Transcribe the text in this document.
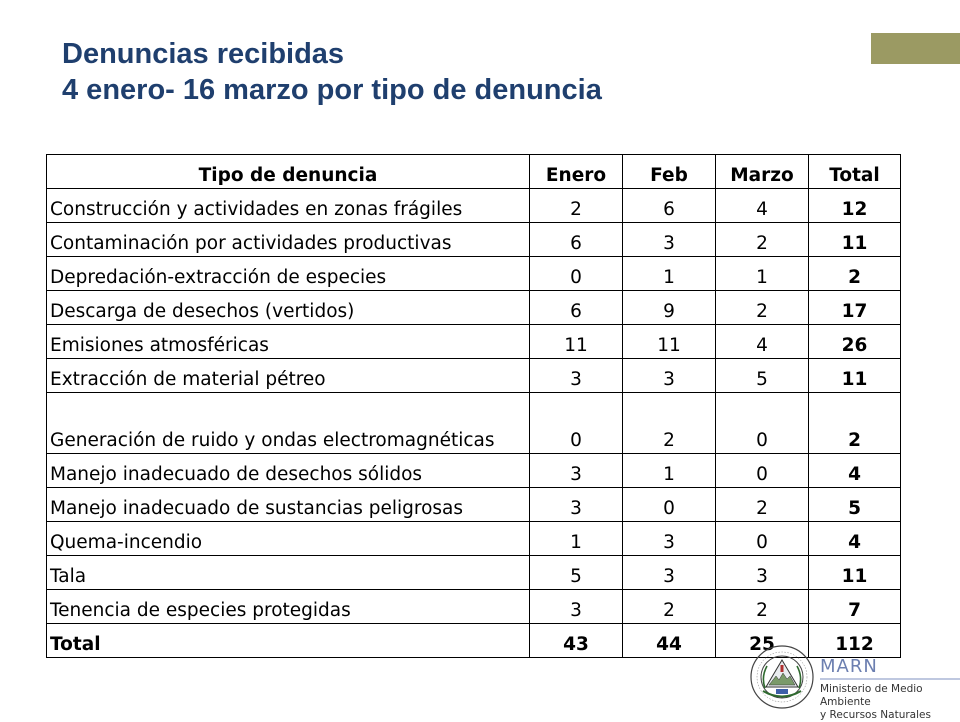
Denuncias recibidas
4 enero- 16 marzo por tipo de denuncia
Tipo de denuncia	Enero	Feb	Marzo	Total
Construcción y actividades en zonas frágiles	2	6	4	12
Contaminación por actividades productivas	6	3	2	11
Depredación-extracción de especies	0	1	1	2
Descarga de desechos (vertidos)	6	9	2	17
Emisiones atmosféricas	11	11	4	26
Extracción de material pétreo	3	3	5	11
Generación de ruido y ondas electromagnéticas	0	2	0	2
Manejo inadecuado de desechos sólidos	3	1	0	4
Manejo inadecuado de sustancias peligrosas	3	0	2	5
Quema-incendio	1	3	0	4
Tala	5	3	3	11
Tenencia de especies protegidas	3	2	2	7
Total	43	44	25	112
MARN
Ministerio de Medio Ambiente
y Recursos Naturales
